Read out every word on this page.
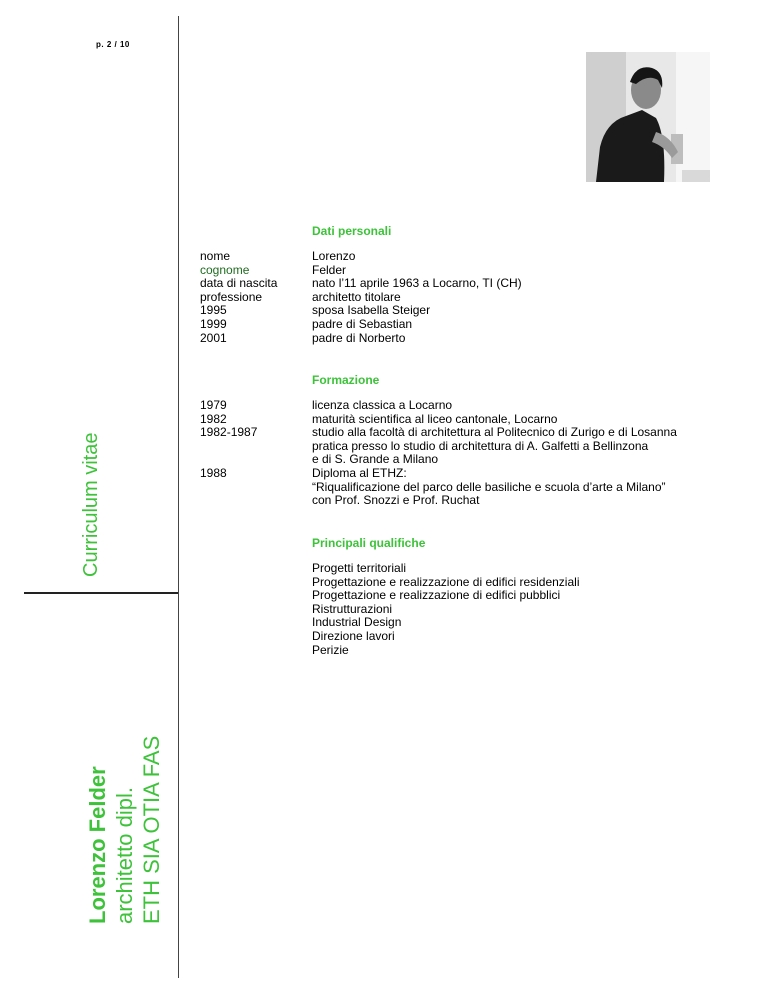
p. 2 / 10
Curriculum vitae
Lorenzo Felder architetto dipl. ETH SIA OTIA FAS
Dati personali
nome
cognome
data di nascita
professione
1995
1999
2001
Lorenzo
Felder
nato l’11 aprile 1963 a Locarno, TI (CH)
architetto titolare
sposa Isabella Steiger
padre di Sebastian
padre di Norberto
Formazione
1979
1982
1982-1987
1988
licenza classica a Locarno
maturità scientifica al liceo cantonale, Locarno
studio alla facoltà di architettura al Politecnico di Zurigo e di Losanna
pratica presso lo studio di architettura di A. Galfetti a Bellinzona
e di S. Grande a Milano
Diploma al ETHZ:
“Riqualificazione del parco delle basiliche e scuola d’arte a Milano”
con Prof. Snozzi e Prof. Ruchat
Principali qualifiche
Progetti territoriali
Progettazione e realizzazione di edifici residenziali
Progettazione e realizzazione di edifici pubblici
Ristrutturazioni
Industrial Design
Direzione lavori
Perizie
